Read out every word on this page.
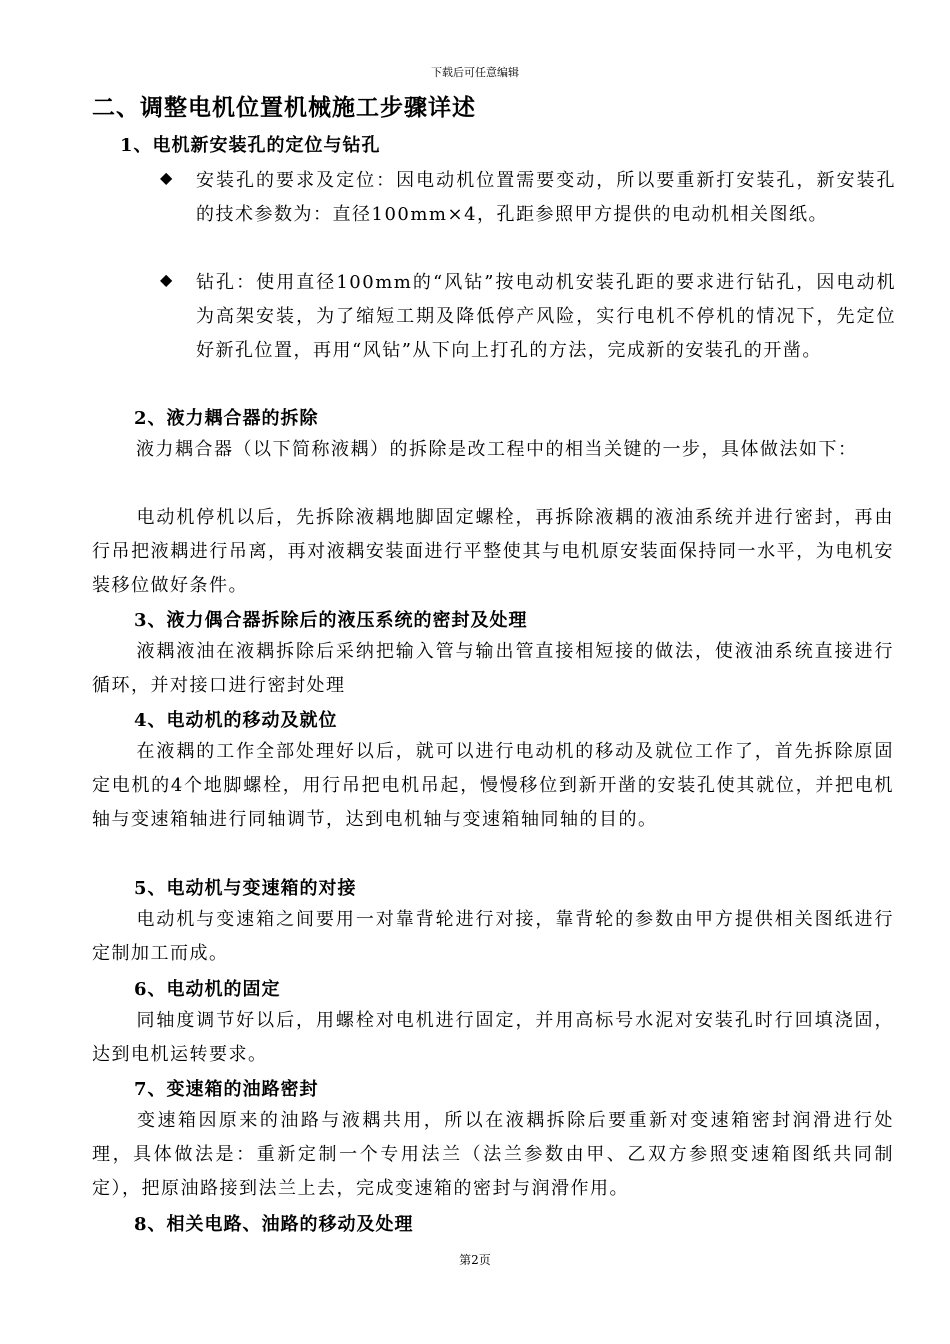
下载后可任意编辑
二、调整电机位置机械施工步骤详述
1、电机新安装孔的定位与钻孔
◆ 安装孔的要求及定位：因电动机位置需要变动，所以要重新打安装孔，新安装孔的技术参数为：直径100mm×4，孔距参照甲方提供的电动机相关图纸。
◆ 钻孔：使用直径100mm的“风钻”按电动机安装孔距的要求进行钻孔，因电动机为高架安装，为了缩短工期及降低停产风险，实行电机不停机的情况下，先定位好新孔位置，再用“风钻”从下向上打孔的方法，完成新的安装孔的开凿。
2、液力耦合器的拆除
液力耦合器（以下简称液耦）的拆除是改工程中的相当关键的一步，具体做法如下：
电动机停机以后，先拆除液耦地脚固定螺栓，再拆除液耦的液油系统并进行密封，再由行吊把液耦进行吊离，再对液耦安装面进行平整使其与电机原安装面保持同一水平，为电机安装移位做好条件。
3、液力偶合器拆除后的液压系统的密封及处理
液耦液油在液耦拆除后采纳把输入管与输出管直接相短接的做法，使液油系统直接进行循环，并对接口进行密封处理
4、电动机的移动及就位
在液耦的工作全部处理好以后，就可以进行电动机的移动及就位工作了，首先拆除原固定电机的4个地脚螺栓，用行吊把电机吊起，慢慢移位到新开凿的安装孔使其就位，并把电机轴与变速箱轴进行同轴调节，达到电机轴与变速箱轴同轴的目的。
5、电动机与变速箱的对接
电动机与变速箱之间要用一对靠背轮进行对接，靠背轮的参数由甲方提供相关图纸进行定制加工而成。
6、电动机的固定
同轴度调节好以后，用螺栓对电机进行固定，并用高标号水泥对安装孔时行回填浇固，达到电机运转要求。
7、变速箱的油路密封
变速箱因原来的油路与液耦共用，所以在液耦拆除后要重新对变速箱密封润滑进行处理，具体做法是：重新定制一个专用法兰（法兰参数由甲、乙双方参照变速箱图纸共同制定），把原油路接到法兰上去，完成变速箱的密封与润滑作用。
8、相关电路、油路的移动及处理
第2页
